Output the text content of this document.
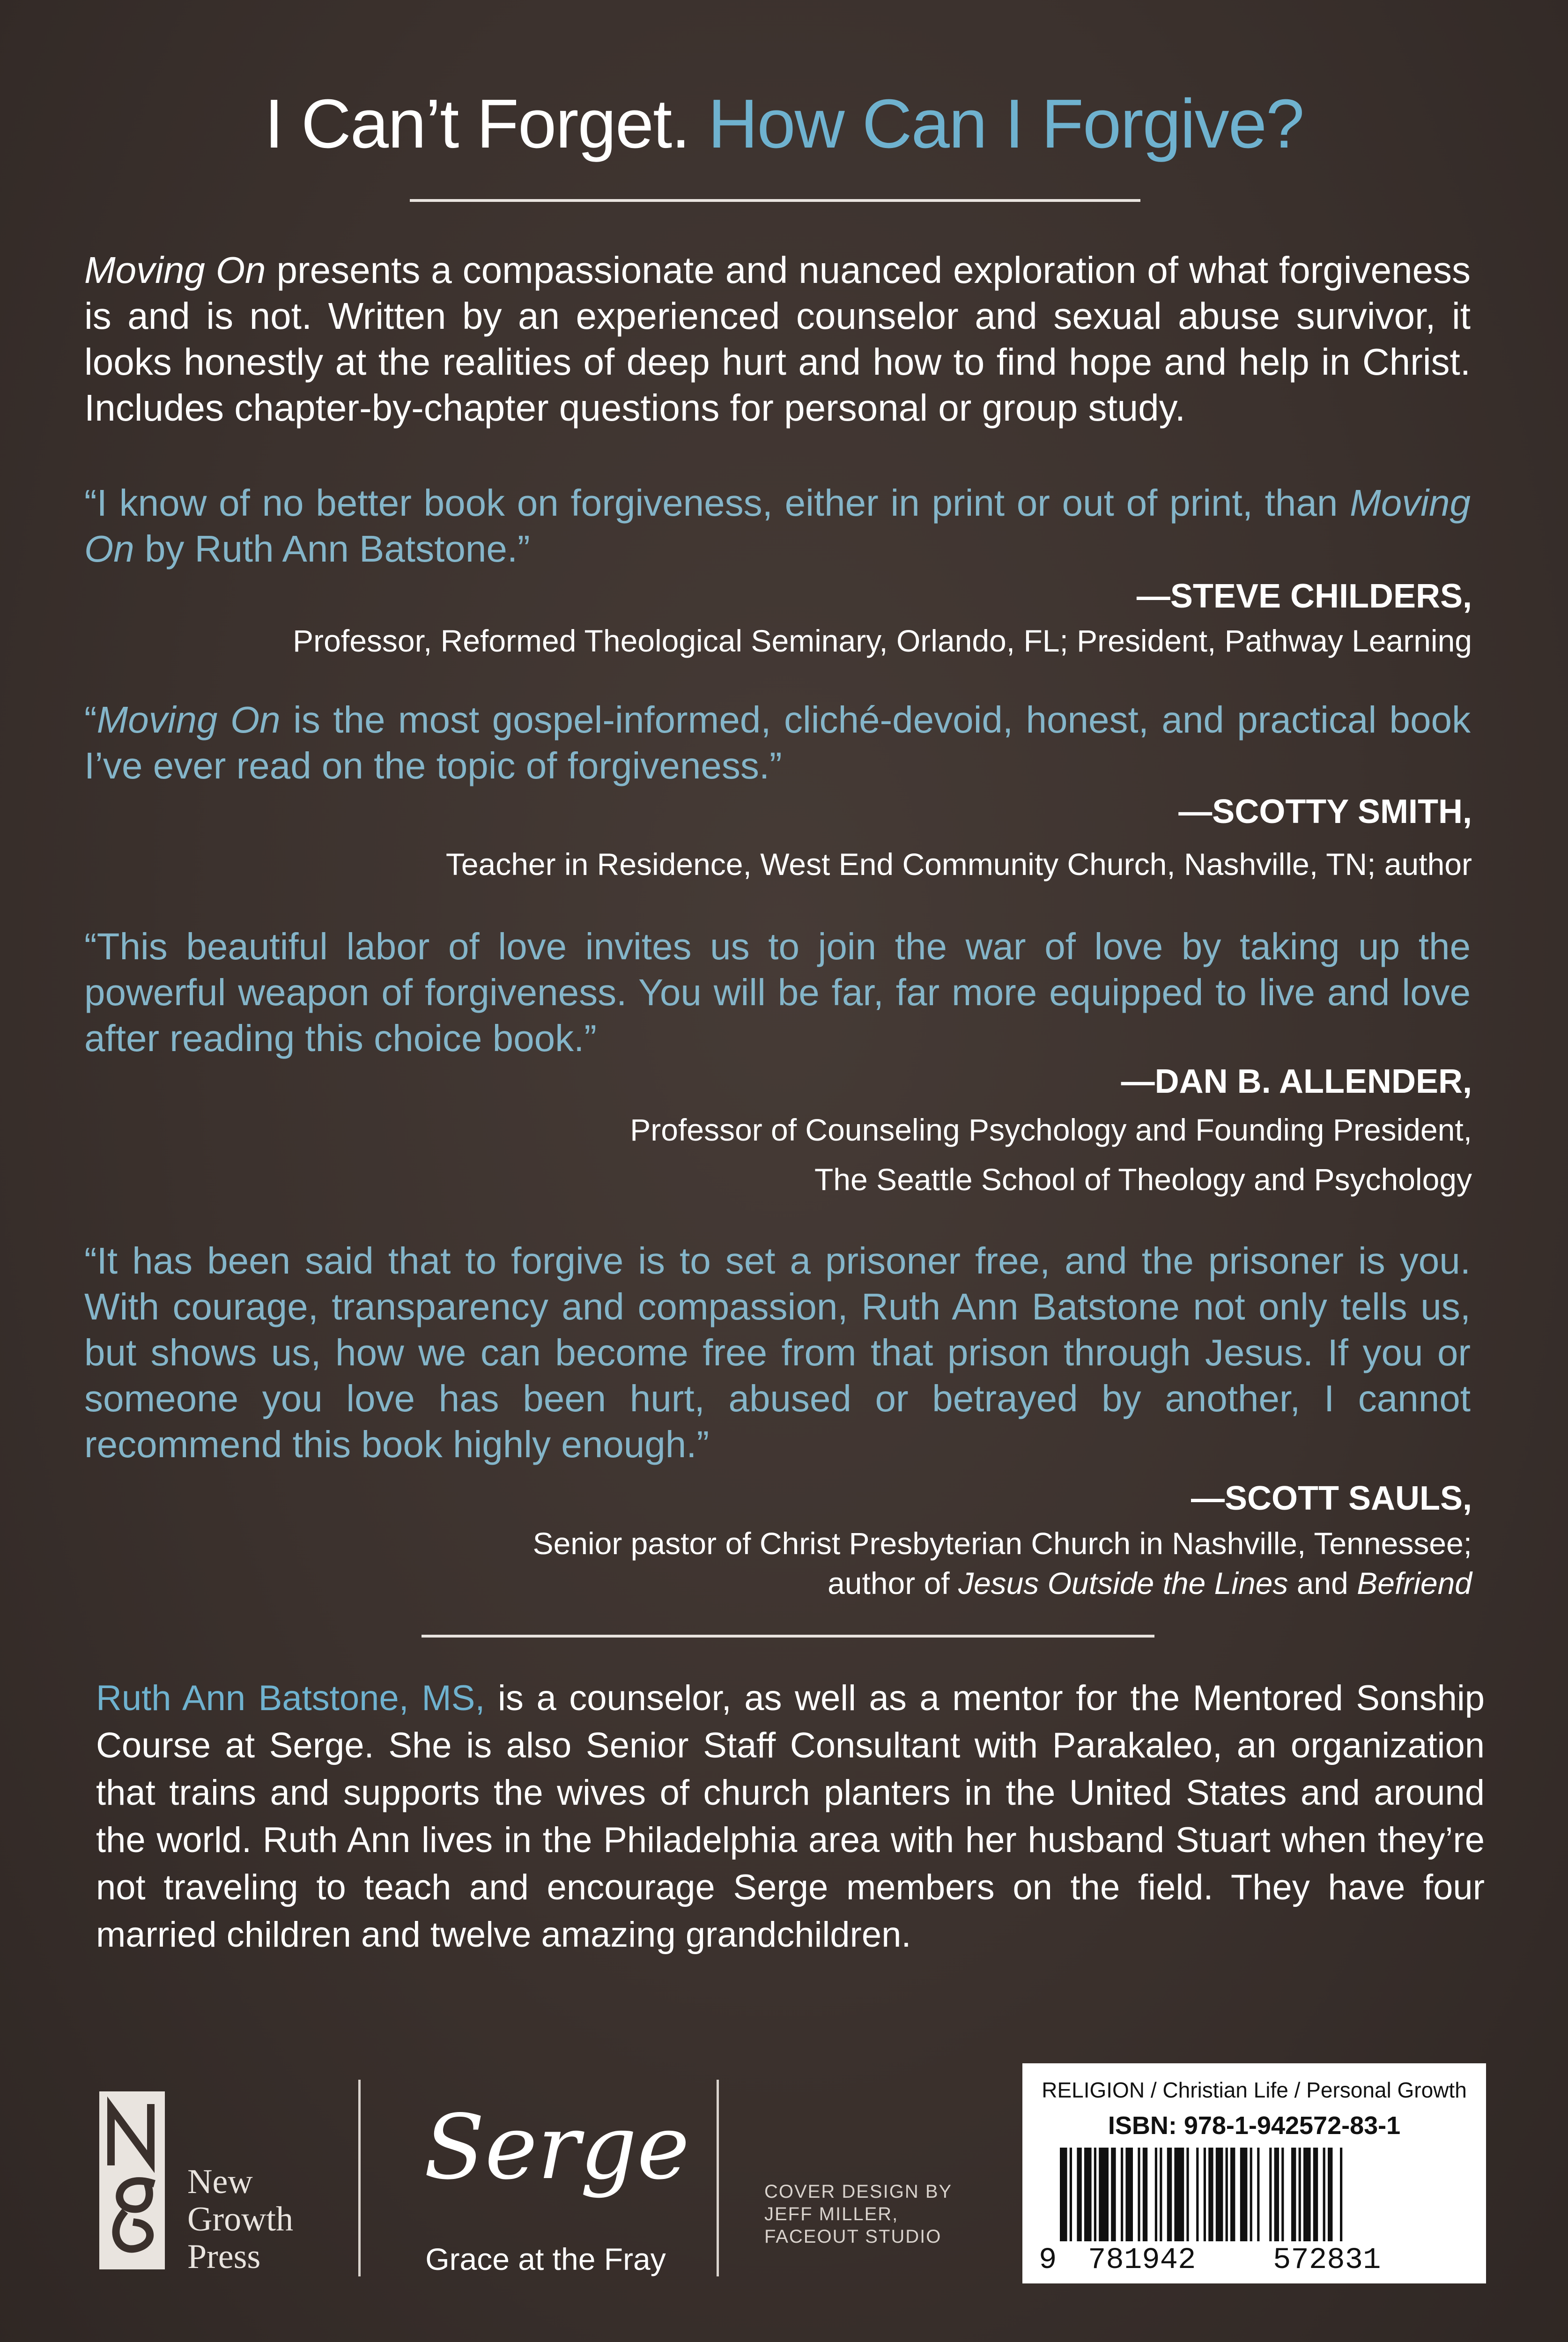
I Can’t Forget. How Can I Forgive?
Moving On presents a compassionate and nuanced exploration of what forgiveness is and is not. Written by an experienced counselor and sexual abuse survivor, it looks honestly at the realities of deep hurt and how to find hope and help in Christ. Includes chapter-by-chapter questions for personal or group study.
“I know of no better book on forgiveness, either in print or out of print, than Moving On by Ruth Ann Batstone.”
—STEVE CHILDERS,
Professor, Reformed Theological Seminary, Orlando, FL; President, Pathway Learning
“Moving On is the most gospel-informed, cliché-devoid, honest, and practical book I’ve ever read on the topic of forgiveness.”
—SCOTTY SMITH,
Teacher in Residence, West End Community Church, Nashville, TN; author
“This beautiful labor of love invites us to join the war of love by taking up the powerful weapon of forgiveness. You will be far, far more equipped to live and love after reading this choice book.”
—DAN B. ALLENDER,
Professor of Counseling Psychology and Founding President,
The Seattle School of Theology and Psychology
“It has been said that to forgive is to set a prisoner free, and the prisoner is you. With courage, transparency and compassion, Ruth Ann Batstone not only tells us, but shows us, how we can become free from that prison through Jesus. If you or someone you love has been hurt, abused or betrayed by another, I cannot recommend this book highly enough.”
—SCOTT SAULS,
Senior pastor of Christ Presbyterian Church in Nashville, Tennessee;
author of Jesus Outside the Lines and Befriend
Ruth Ann Batstone, MS, is a counselor, as well as a mentor for the Mentored Sonship Course at Serge. She is also Senior Staff Consultant with Parakaleo, an organization that trains and supports the wives of church planters in the United States and around the world. Ruth Ann lives in the Philadelphia area with her husband Stuart when they’re not traveling to teach and encourage Serge members on the field. They have four married children and twelve amazing grandchildren.
New
Growth
Press
Serge
Grace at the Fray
COVER DESIGN BY
JEFF MILLER,
FACEOUT STUDIO
RELIGION / Christian Life / Personal Growth
ISBN: 978-1-942572-83-1
9 781942	572831
